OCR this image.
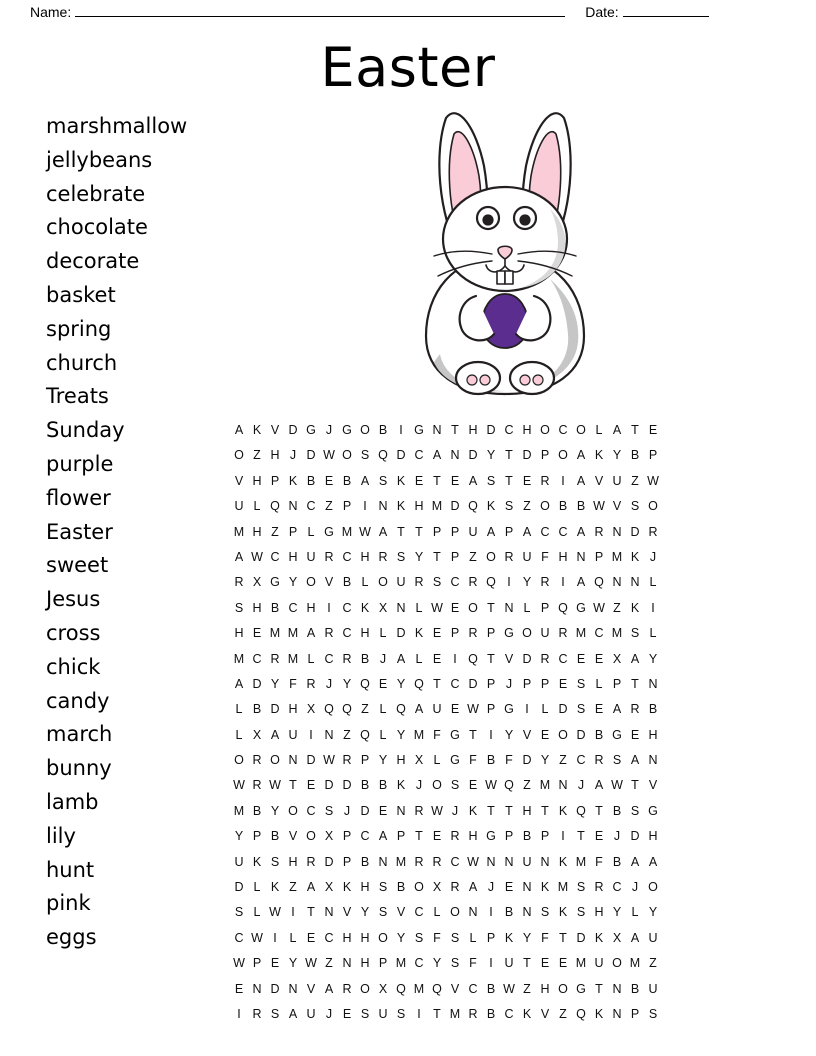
Name:	Date:
Easter
marshmallow
jellybeans
celebrate
chocolate
decorate
basket
spring
church
Treats
Sunday
purple
flower
Easter
sweet
Jesus
cross
chick
candy
march
bunny
lamb
lily
hunt
pink
eggs
A K V D G J G O B I G N T H D C H O C O L A T E
O Z H J D W O S Q D C A N D Y T D P O A K Y B P
V H P K B E B A S K E T E A S T E R I A V U Z W
U L Q N C Z P I N K H M D Q K S Z O B B W V S O
M H Z P L G M W A T T P P U A P A C C A R N D R
A W C H U R C H R S Y T P Z O R U F H N P M K J
R X G Y O V B L O U R S C R Q I Y R I A Q N N L
S H B C H I C K X N L W E O T N L P Q G W Z K I
H E M M A R C H L D K E P R P G O U R M C M S L
M C R M L C R B J A L E I Q T V D R C E E X A Y
A D Y F R J Y Q E Y Q T C D P J P P E S L P T N
L B D H X Q Q Z L Q A U E W P G I	L D S E A R B
L X A U I N Z Q L Y M F G T I Y V E O D B G E H
O R O N D W R P Y H X L G F B F D Y Z C R S A N
W R W T E D D B B K J O S E W Q Z M N J A W T V
M B Y O C S J D E N R W J K T T H T K Q T B S G
Y P B V O X P C A P T E R H G P B P I T E J D H
U K S H R D P B N M R R C W N N U N K M F B A A
D L K Z A X K H S B O X R A J E N K M S R C J O
S L W I T N V Y S V C L O N I B N S K S H Y L Y
C W I	L E C H H O Y S F S L P K Y F T D K X A U
W P E Y W Z N H P M C Y S F I U T E E M U O M Z
E N D N V A R O X Q M Q V C B W Z H O G T N B U
I R S A U J E S U S I T M R B C K V Z Q K N P S
